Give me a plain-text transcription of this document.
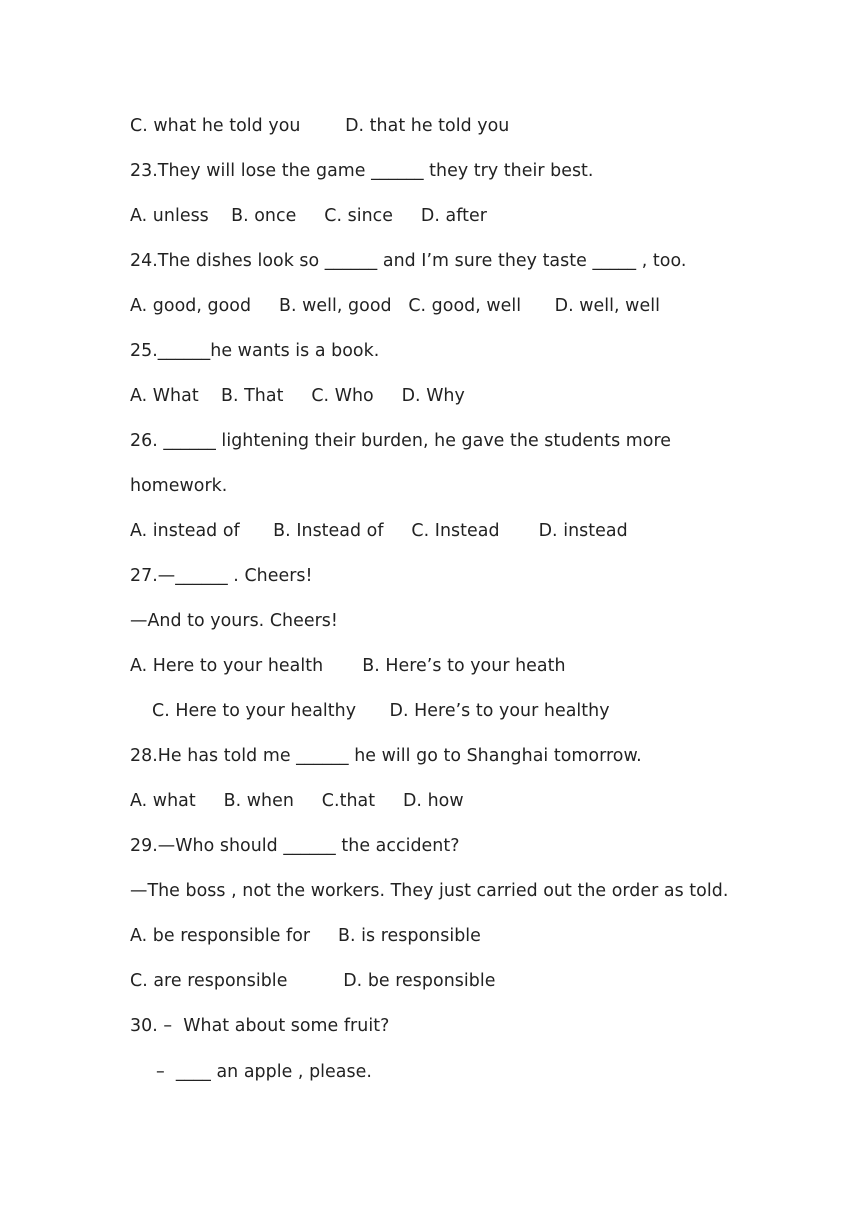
C. what he told you        D. that he told you
23.They will lose the game ______ they try their best.
A. unless    B. once     C. since     D. after
24.The dishes look so ______ and I’m sure they taste _____ , too.
A. good, good     B. well, good   C. good, well      D. well, well
25.______he wants is a book.
A. What    B. That     C. Who     D. Why
26. ______ lightening their burden, he gave the students more
homework.
A. instead of      B. Instead of     C. Instead       D. instead
27.—______ . Cheers!
—And to yours. Cheers!
A. Here to your health       B. Here’s to your heath
C. Here to your healthy      D. Here’s to your healthy
28.He has told me ______ he will go to Shanghai tomorrow.
A. what     B. when     C.that     D. how
29.—Who should ______ the accident?
—The boss , not the workers. They just carried out the order as told.
A. be responsible for     B. is responsible
C. are responsible          D. be responsible
30. –  What about some fruit?
–  ____ an apple , please.
